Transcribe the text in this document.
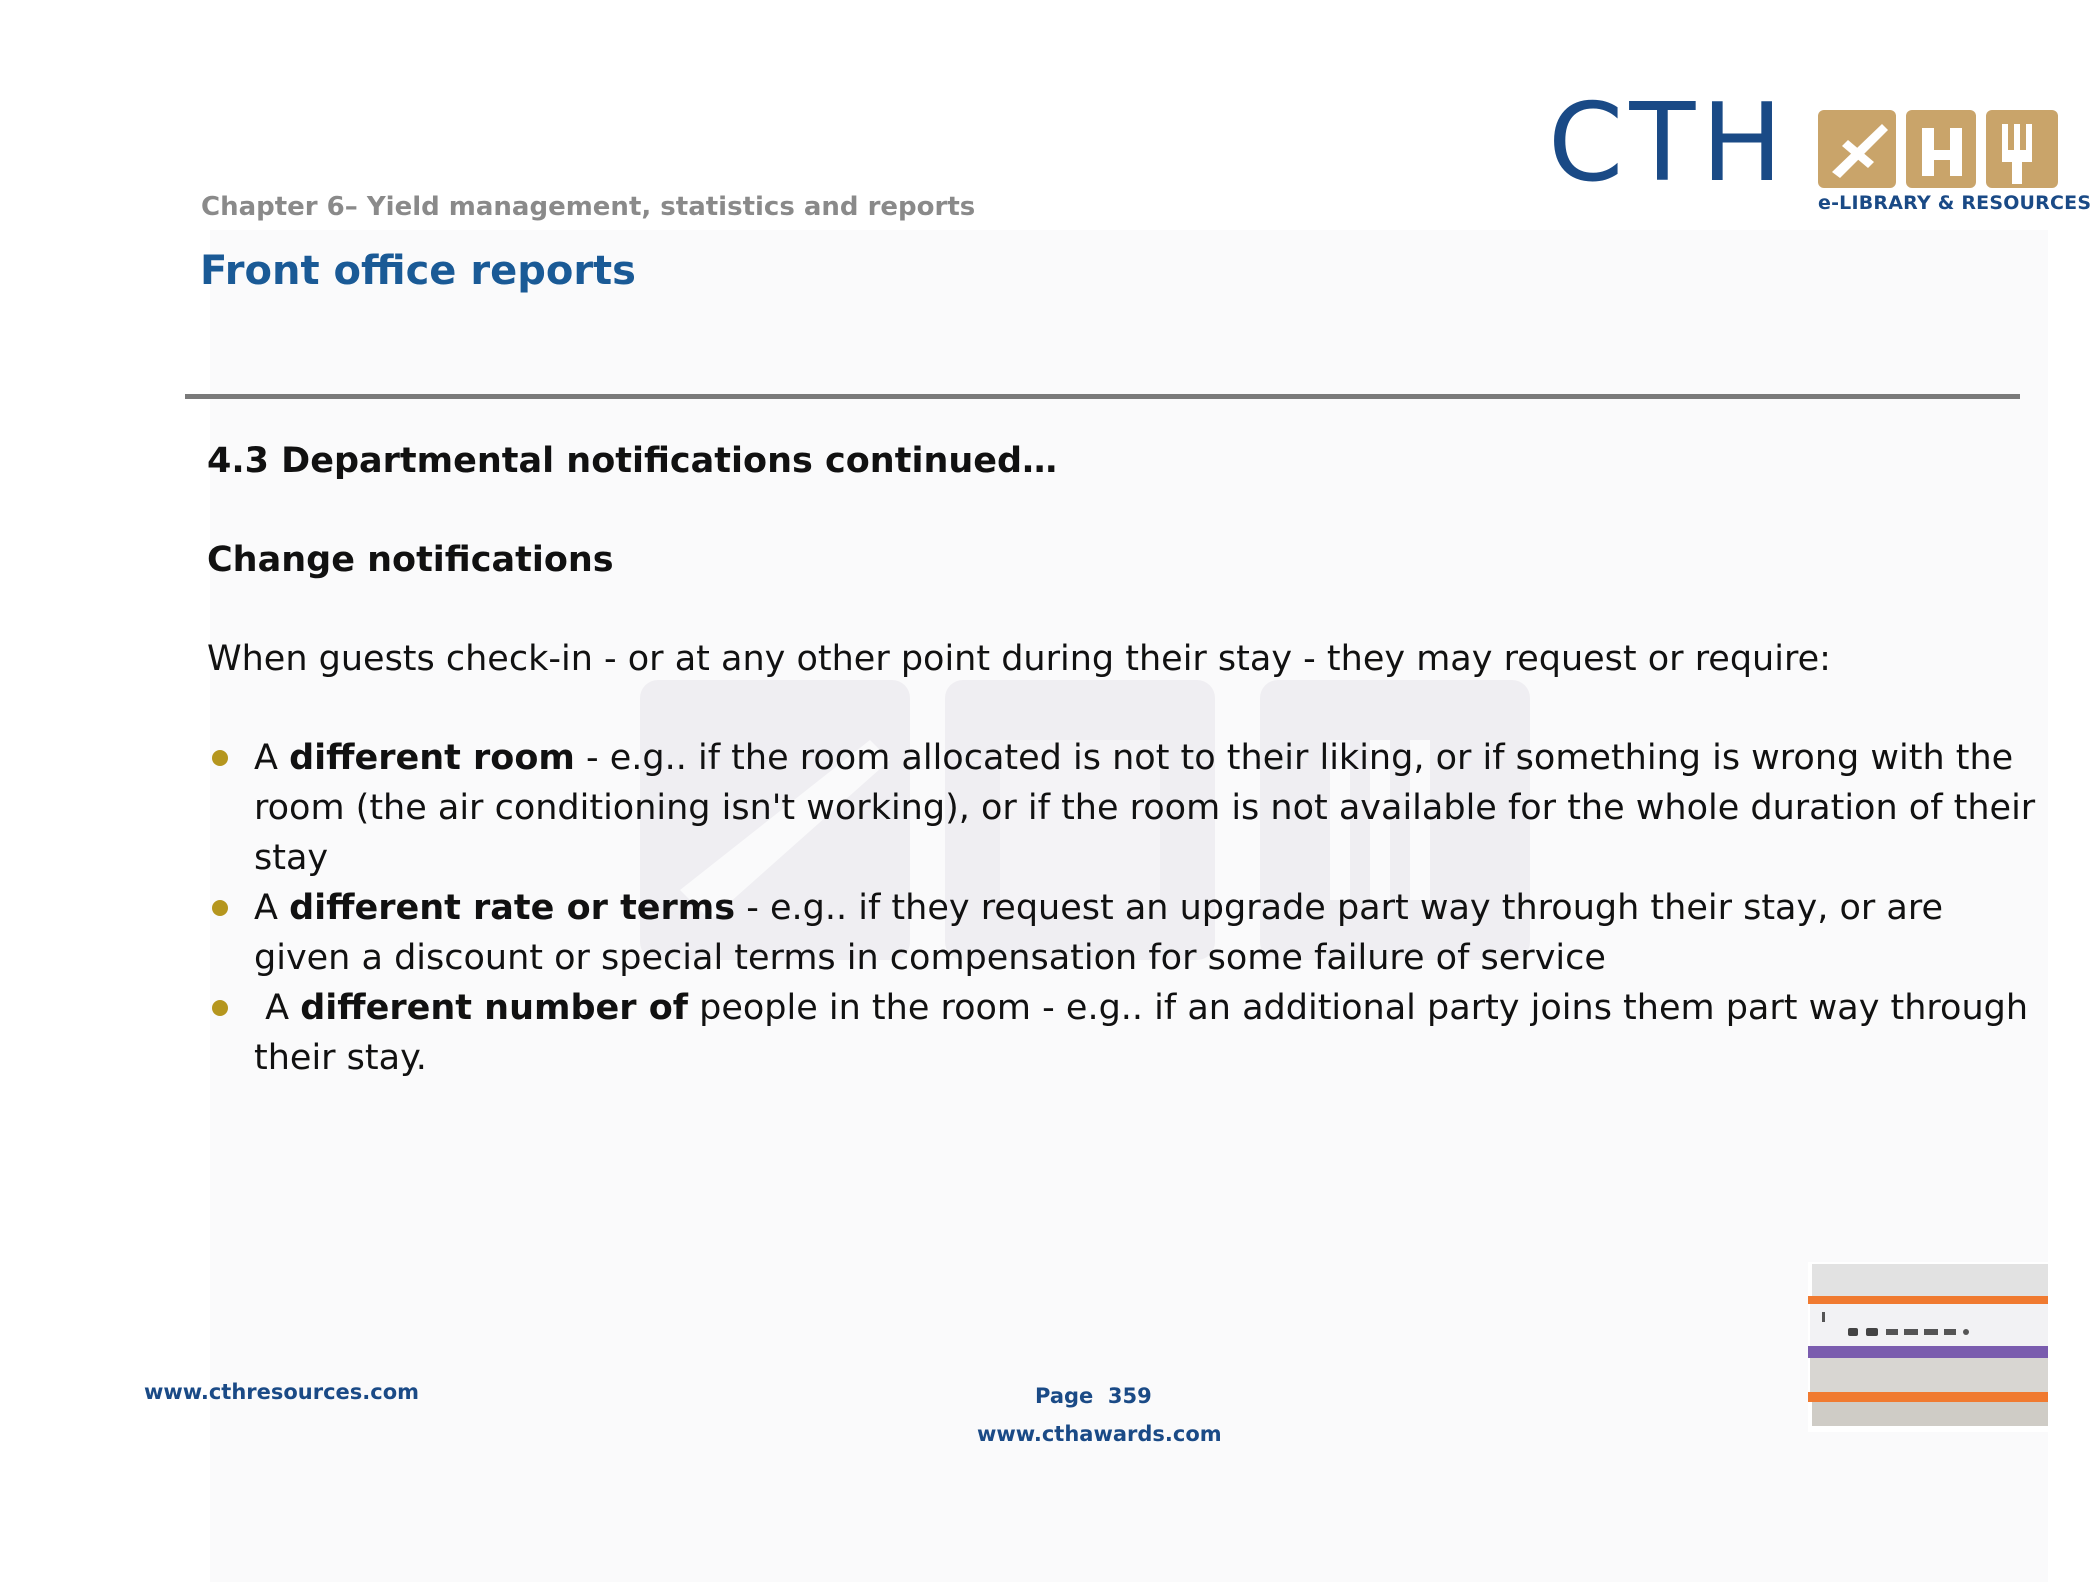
CTH e-LIBRARY & RESOURCES
Chapter 6– Yield management, statistics and reports
Front office reports

4.3 Departmental notifications continued…

Change notifications

When guests check-in - or at any other point during their stay - they may request or require:

A different room - e.g.. if the room allocated is not to their liking, or if something is wrong with the room (the air conditioning isn't working), or if the room is not available for the whole duration of their stay
A different rate or terms - e.g.. if they request an upgrade part way through their stay, or are given a discount or special terms in compensation for some failure of service
A different number of people in the room - e.g.. if an additional party joins them part way through their stay.
www.cthresources.com	Page  359
www.cthawards.com
